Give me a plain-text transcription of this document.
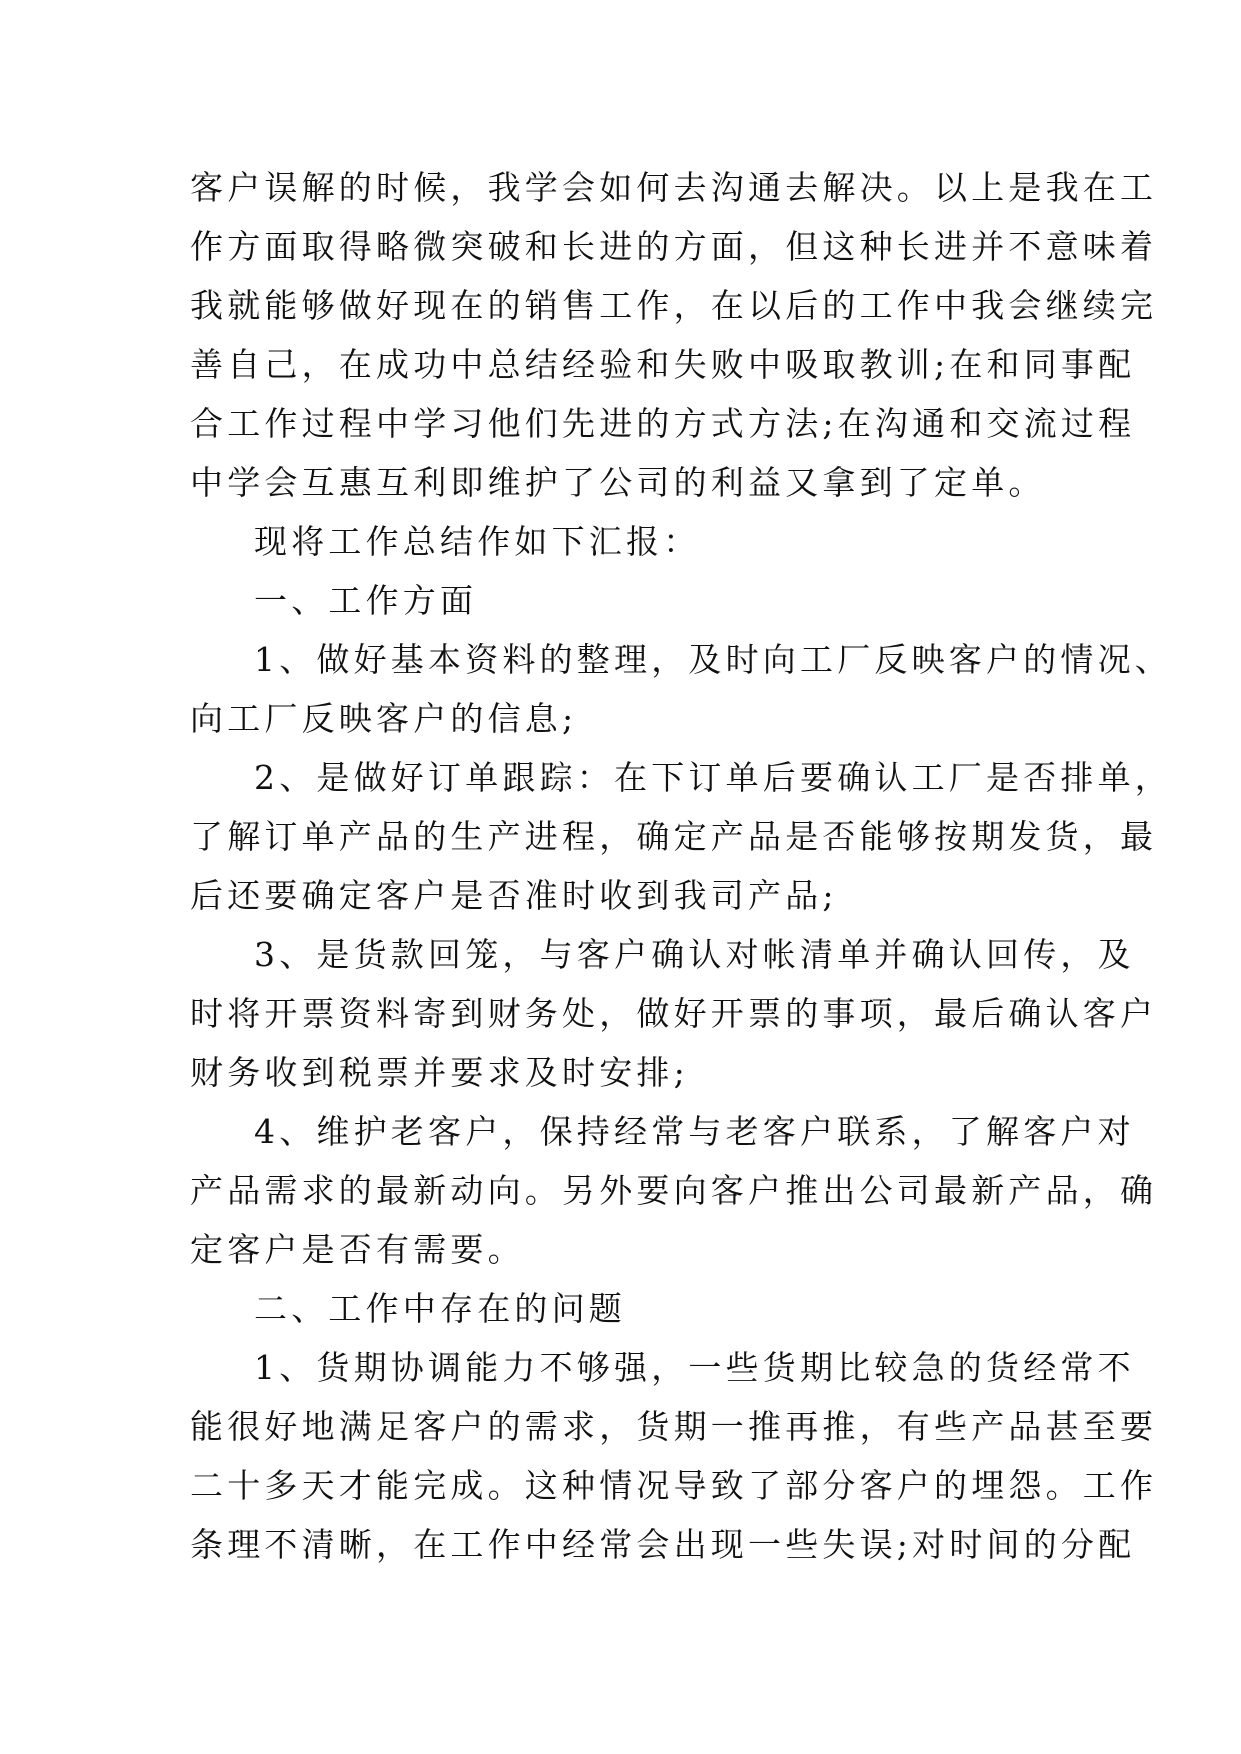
客户误解的时候，我学会如何去沟通去解决。以上是我在工
作方面取得略微突破和长进的方面，但这种长进并不意味着
我就能够做好现在的销售工作，在以后的工作中我会继续完
善自己，在成功中总结经验和失败中吸取教训;在和同事配
合工作过程中学习他们先进的方式方法;在沟通和交流过程
中学会互惠互利即维护了公司的利益又拿到了定单。
现将工作总结作如下汇报：
一、工作方面
1、做好基本资料的整理，及时向工厂反映客户的情况、
向工厂反映客户的信息;
2、是做好订单跟踪：在下订单后要确认工厂是否排单，
了解订单产品的生产进程，确定产品是否能够按期发货，最
后还要确定客户是否准时收到我司产品;
3、是货款回笼，与客户确认对帐清单并确认回传，及
时将开票资料寄到财务处，做好开票的事项，最后确认客户
财务收到税票并要求及时安排;
4、维护老客户，保持经常与老客户联系，了解客户对
产品需求的最新动向。另外要向客户推出公司最新产品，确
定客户是否有需要。
二、工作中存在的问题
1、货期协调能力不够强，一些货期比较急的货经常不
能很好地满足客户的需求，货期一推再推，有些产品甚至要
二十多天才能完成。这种情况导致了部分客户的埋怨。工作
条理不清晰，在工作中经常会出现一些失误;对时间的分配
